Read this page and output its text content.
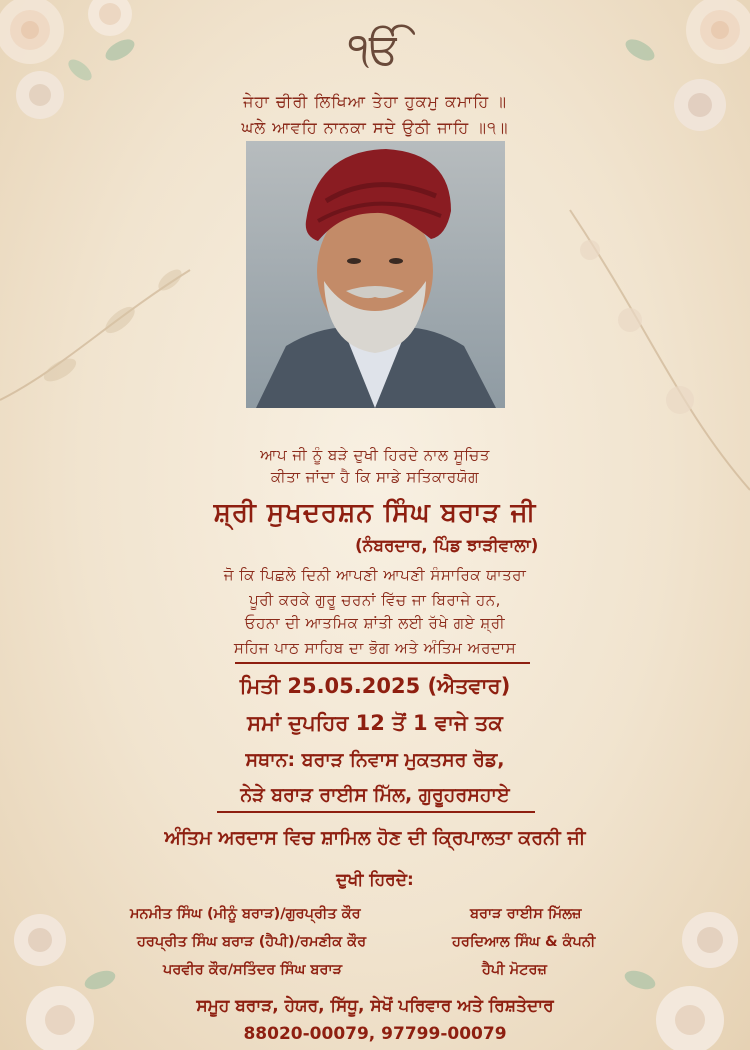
ੴ
ਜੇਹਾ ਚੀਰੀ ਲਿਖਿਆ ਤੇਹਾ ਹੁਕਮੁ ਕਮਾਹਿ ॥
ਘਲੇ ਆਵਹਿ ਨਾਨਕਾ ਸਦੇ ਉਠੀ ਜਾਹਿ ॥੧॥
ਆਪ ਜੀ ਨੂੰ ਬੜੇ ਦੁਖੀ ਹਿਰਦੇ ਨਾਲ ਸੂਚਿਤ
ਕੀਤਾ ਜਾਂਦਾ ਹੈ ਕਿ ਸਾਡੇ ਸਤਿਕਾਰਯੋਗ
ਸ਼੍ਰੀ ਸੁਖਦਰਸ਼ਨ ਸਿੰਘ ਬਰਾੜ ਜੀ
(ਨੰਬਰਦਾਰ, ਪਿੰਡ ਝਾੜੀਵਾਲਾ)
ਜੋ ਕਿ ਪਿਛਲੇ ਦਿਨੀ ਆਪਣੀ ਆਪਣੀ ਸੰਸਾਰਿਕ ਯਾਤਰਾ
ਪੂਰੀ ਕਰਕੇ ਗੁਰੂ ਚਰਨਾਂ ਵਿੱਚ ਜਾ ਬਿਰਾਜੇ ਹਨ,
ਓਹਨਾ ਦੀ ਆਤਮਿਕ ਸ਼ਾਂਤੀ ਲਈ ਰੱਖੇ ਗਏ ਸ਼੍ਰੀ
ਸਹਿਜ ਪਾਠ ਸਾਹਿਬ ਦਾ ਭੋਗ ਅਤੇ ਅੰਤਿਮ ਅਰਦਾਸ
ਮਿਤੀ 25.05.2025 (ਐਤਵਾਰ)
ਸਮਾਂ ਦੁਪਹਿਰ 12 ਤੋਂ 1 ਵਾਜੇ ਤਕ
ਸਥਾਨ: ਬਰਾੜ ਨਿਵਾਸ ਮੁਕਤਸਰ ਰੋਡ,
ਨੇੜੇ ਬਰਾੜ ਰਾਈਸ ਮਿੱਲ, ਗੁਰੂਹਰਸਹਾਏ
ਅੰਤਿਮ ਅਰਦਾਸ ਵਿਚ ਸ਼ਾਮਿਲ ਹੋਣ ਦੀ ਕ੍ਰਿਪਾਲਤਾ ਕਰਨੀ ਜੀ
ਦੁਖੀ ਹਿਰਦੇ:
ਮਨਮੀਤ ਸਿੰਘ (ਮੀਨੂੰ ਬਰਾੜ)/ਗੁਰਪ੍ਰੀਤ ਕੌਰ
ਹਰਪ੍ਰੀਤ ਸਿੰਘ ਬਰਾੜ (ਹੈਪੀ)/ਰਮਣੀਕ ਕੌਰ
ਪਰਵੀਰ ਕੌਰ/ਸਤਿੰਦਰ ਸਿੰਘ ਬਰਾੜ
ਬਰਾੜ ਰਾਈਸ ਮਿੱਲਜ਼
ਹਰਦਿਆਲ ਸਿੰਘ & ਕੰਪਨੀ
ਹੈਪੀ ਮੋਟਰਜ਼
ਸਮੂਹ ਬਰਾੜ, ਹੇਯਰ, ਸਿੱਧੂ, ਸੇਖੋਂ ਪਰਿਵਾਰ ਅਤੇ ਰਿਸ਼ਤੇਦਾਰ
88020-00079, 97799-00079
